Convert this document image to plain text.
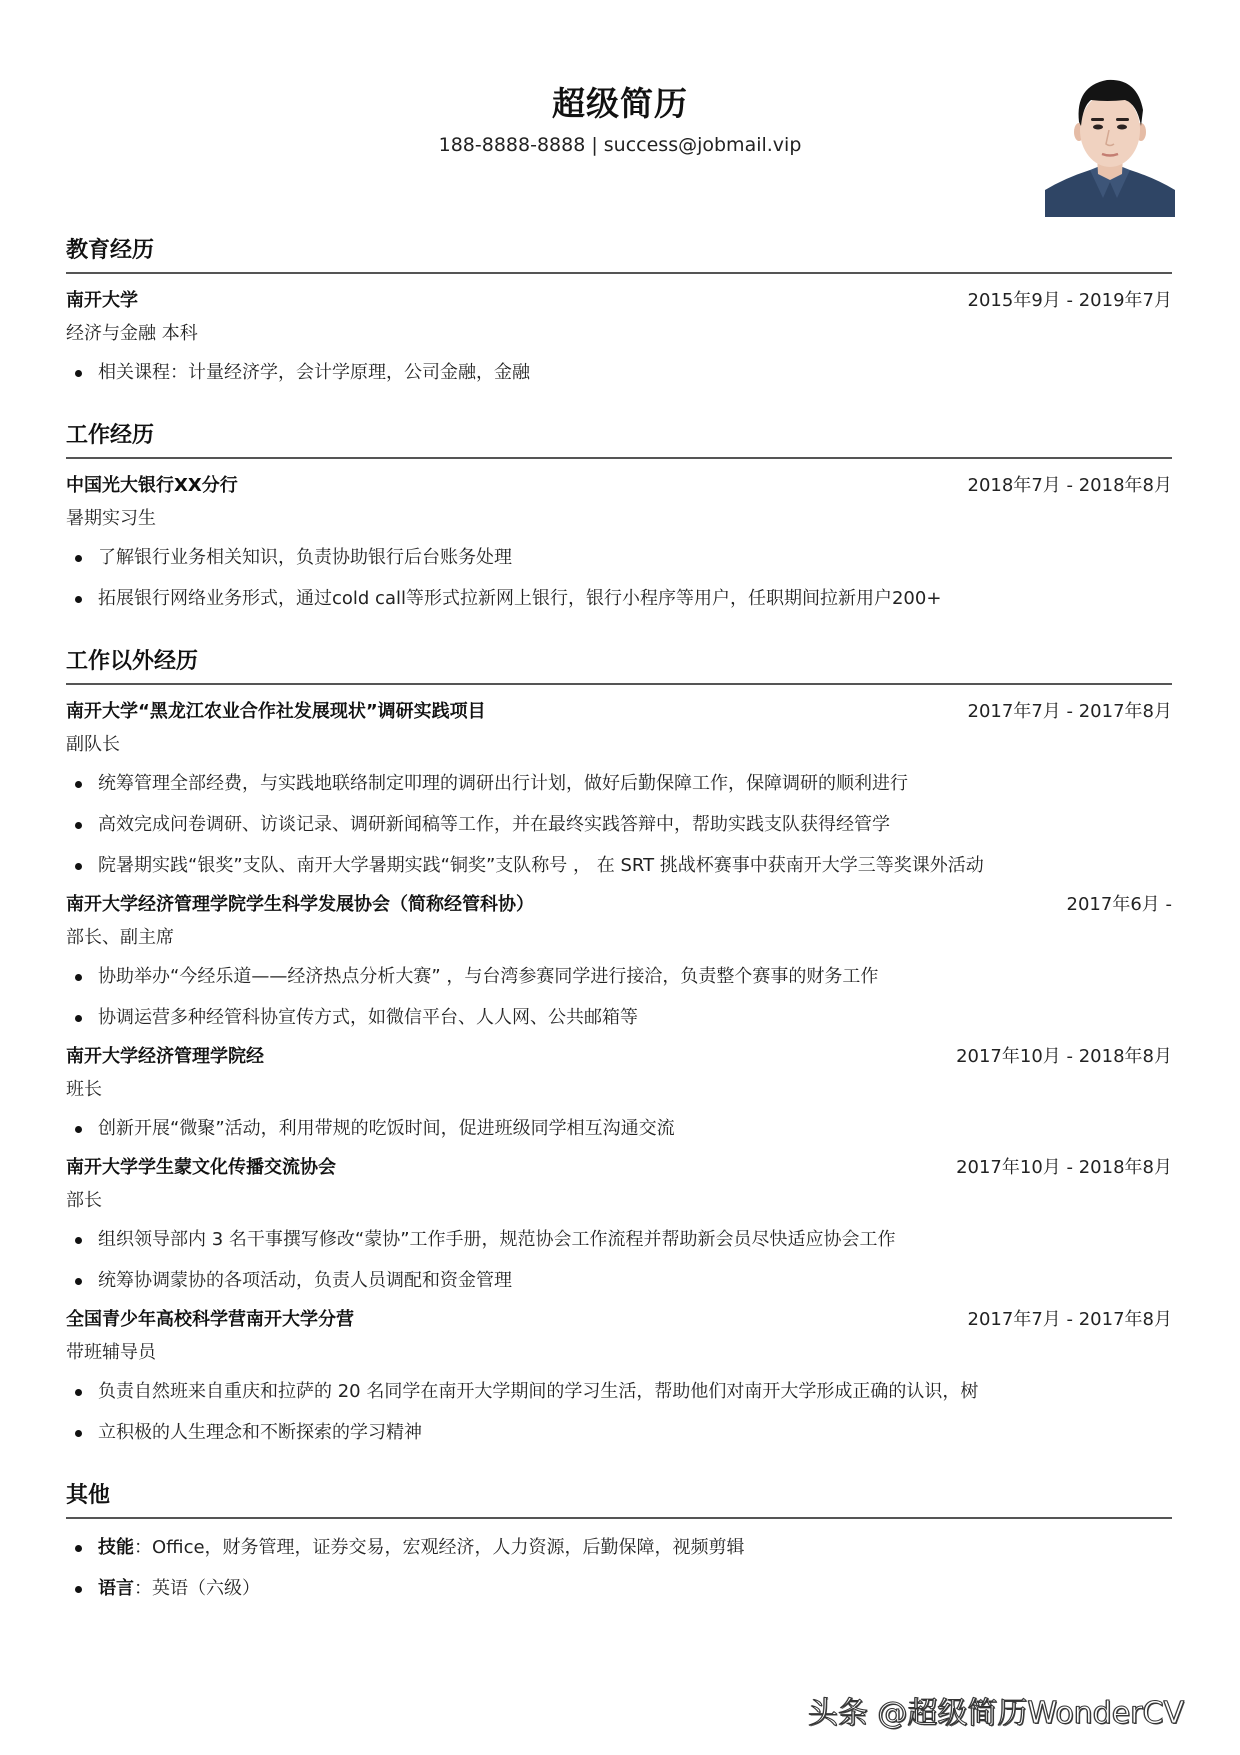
超级简历
188-8888-8888 | success@jobmail.vip
教育经历
南开大学	2015年9月 - 2019年7月
经济与金融 本科
相关课程：计量经济学，会计学原理，公司金融，金融
工作经历
中国光大银行XX分行	2018年7月 - 2018年8月
暑期实习生
了解银行业务相关知识，负责协助银行后台账务处理
拓展银行网络业务形式，通过cold call等形式拉新网上银行，银行小程序等用户，任职期间拉新用户200+
工作以外经历
南开大学“黑龙江农业合作社发展现状”调研实践项目	2017年7月 - 2017年8月
副队长
统筹管理全部经费，与实践地联络制定叩理的调研出行计划，做好后勤保障工作，保障调研的顺利进行
高效完成问卷调研、访谈记录、调研新闻稿等工作，并在最终实践答辩中，帮助实践支队获得经管学
院暑期实践“银奖”支队、南开大学暑期实践“铜奖”支队称号 ， 在 SRT 挑战杯赛事中获南开大学三等奖课外活动
南开大学经济管理学院学生科学发展协会（简称经管科协）	2017年6月 -
部长、副主席
协助举办“今经乐道——经济热点分析大赛” ，与台湾参赛同学进行接洽，负责整个赛事的财务工作
协调运营多种经管科协宣传方式，如微信平台、人人网、公共邮箱等
南开大学经济管理学院经	2017年10月 - 2018年8月
班长
创新开展“微聚”活动，利用带规的吃饭时间，促进班级同学相互沟通交流
南开大学学生蒙文化传播交流协会	2017年10月 - 2018年8月
部长
组织领导部内 3 名干事撰写修改“蒙协”工作手册，规范协会工作流程并帮助新会员尽快适应协会工作
统筹协调蒙协的各项活动，负责人员调配和资金管理
全国青少年高校科学营南开大学分营	2017年7月 - 2017年8月
带班辅导员
负责自然班来自重庆和拉萨的 20 名同学在南开大学期间的学习生活，帮助他们对南开大学形成正确的认识，树
立积极的人生理念和不断探索的学习精神
其他
技能：Office，财务管理，证券交易，宏观经济，人力资源，后勤保障，视频剪辑
语言：英语（六级）
头条 @超级简历WonderCV
